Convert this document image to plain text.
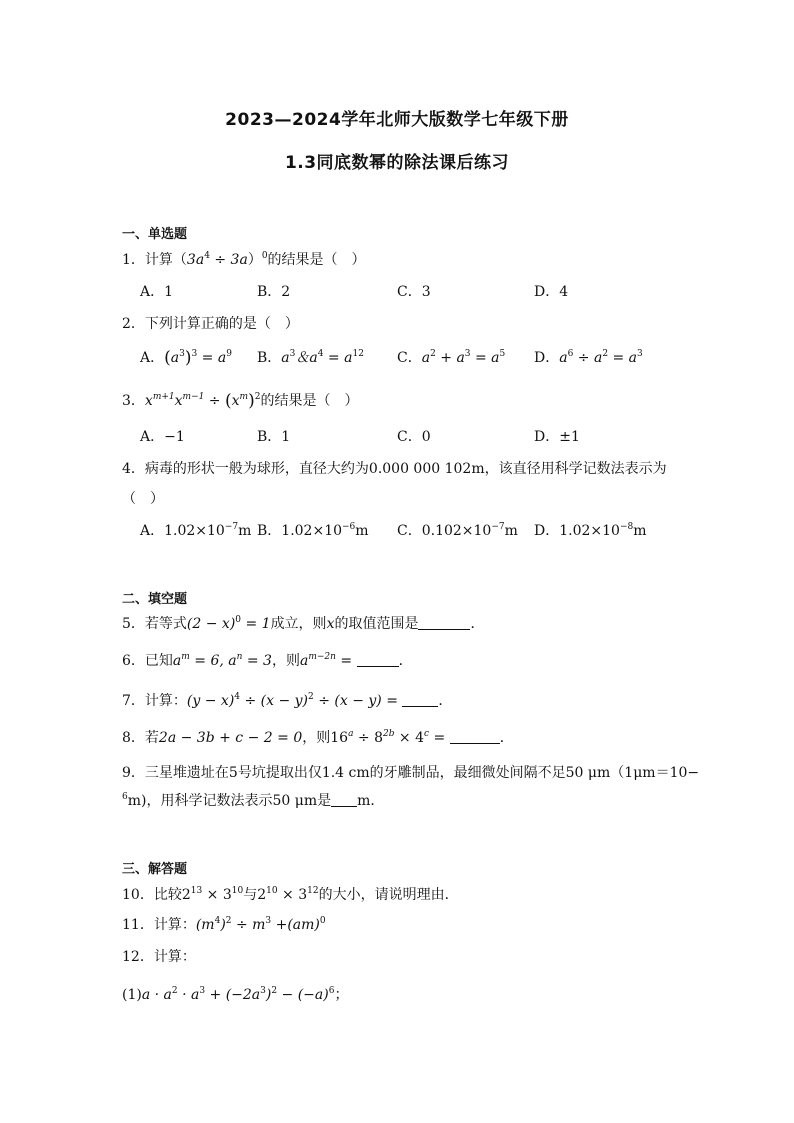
2023—2024学年北师大版数学七年级下册
1.3同底数幂的除法课后练习
一、单选题
1．计算$(3a^4 \div 3a)^0$的结果是（　）
A．1	B．2	C．3	D．4
2．下列计算正确的是（　）
A．$(a^3)^3 = a^9$ B．$a^3$＆$a^4 = a^{12}$ C．$a^2 + a^3 = a^5$ D．$a^6 \div a^2 = a^3$
3．$x^{m+1}x^{m-1} \div (x^m)^2$的结果是（　）
A．−1	B．1	C．0	D．±1
4．病毒的形状一般为球形，直径大约为0.000 000 102m，该直径用科学记数法表示为
（　）
A．$1.02\times 10^{-7}m$ B．$1.02\times 10^{-6}m$ C．$0.102\times 10^{-7}m$ D．$1.02\times 10^{-8}m$
二、填空题
5．若等式$(2 - x)^0 = 1$成立，则x的取值范围是	．
6．已知$a^m = 6$, $a^n = 3$，则$a^{m-2n}$ =	．
7．计算：$(y - x)^4 \div (x - y)^2 \div (x - y)$ =	．
8．若2a − 3b + c − 2 = 0，则$16^a \div 8^{2b} \times 4^c$ =	．
9．三星堆遗址在5号坑提取出仅1.4 cm的牙雕制品，最细微处间隔不足50 μm（1μm＝10−
$^6$m)，用科学记数法表示50 μm是 m．
三、解答题
10．比较$2^{13} \times 3^{10}$与$2^{10} \times 3^{12}$的大小，请说明理由．
11．计算：$(m^4)^2 \div m^3 +(am)^0$
12．计算：
$(1)a \cdot a^2 \cdot a^3 + (-2a^3)^2 - (-a)^6$；
